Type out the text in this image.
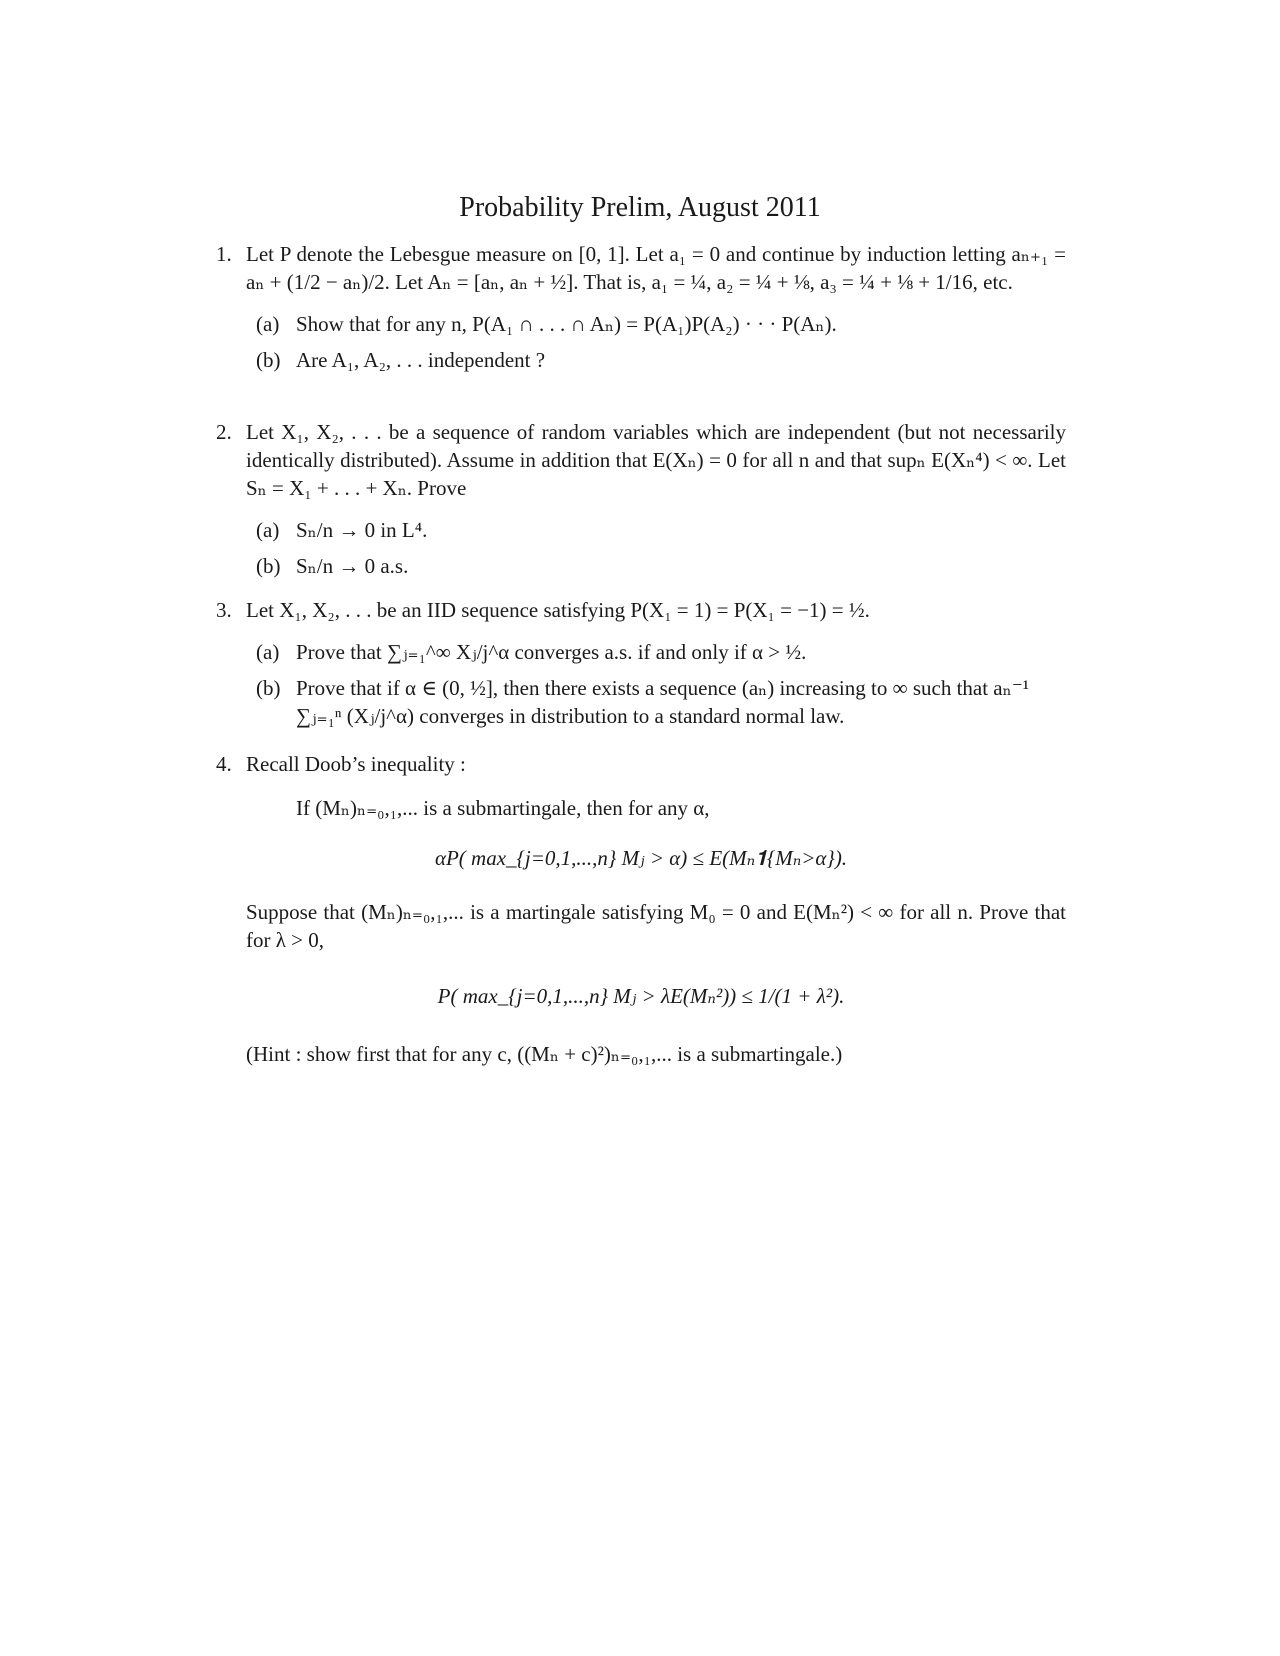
Probability Prelim, August 2011
1. Let P denote the Lebesgue measure on [0, 1]. Let a₁ = 0 and continue by induction letting aₙ₊₁ = aₙ + (1/2 − aₙ)/2. Let Aₙ = [aₙ, aₙ + ½]. That is, a₁ = ¼, a₂ = ¼ + ⅛, a₃ = ¼ + ⅛ + 1/16, etc.
(a) Show that for any n, P(A₁ ∩ . . . ∩ Aₙ) = P(A₁)P(A₂) · · · P(Aₙ).
(b) Are A₁, A₂, . . . independent ?
2. Let X₁, X₂, . . . be a sequence of random variables which are independent (but not necessarily identically distributed). Assume in addition that E(Xₙ) = 0 for all n and that supₙ E(Xₙ⁴) < ∞. Let Sₙ = X₁ + . . . + Xₙ. Prove
(a) Sₙ/n → 0 in L⁴.
(b) Sₙ/n → 0 a.s.
3. Let X₁, X₂, . . . be an IID sequence satisfying P(X₁ = 1) = P(X₁ = −1) = ½.
(a) Prove that ∑ⱼ₌₁^∞ Xⱼ/j^α converges a.s. if and only if α > ½.
(b) Prove that if α ∈ (0, ½], then there exists a sequence (aₙ) increasing to ∞ such that aₙ⁻¹ ∑ⱼ₌₁ⁿ (Xⱼ/j^α) converges in distribution to a standard normal law.
4. Recall Doob’s inequality :
If (Mₙ)ₙ₌₀,₁,... is a submartingale, then for any α,
αP( max_{j=0,1,...,n} Mⱼ > α) ≤ E(Mₙ𝟏{Mₙ>α}).
Suppose that (Mₙ)ₙ₌₀,₁,... is a martingale satisfying M₀ = 0 and E(Mₙ²) < ∞ for all n. Prove that for λ > 0,
P( max_{j=0,1,...,n} Mⱼ > λE(Mₙ²)) ≤ 1/(1 + λ²).
(Hint : show first that for any c, ((Mₙ + c)²)ₙ₌₀,₁,... is a submartingale.)
